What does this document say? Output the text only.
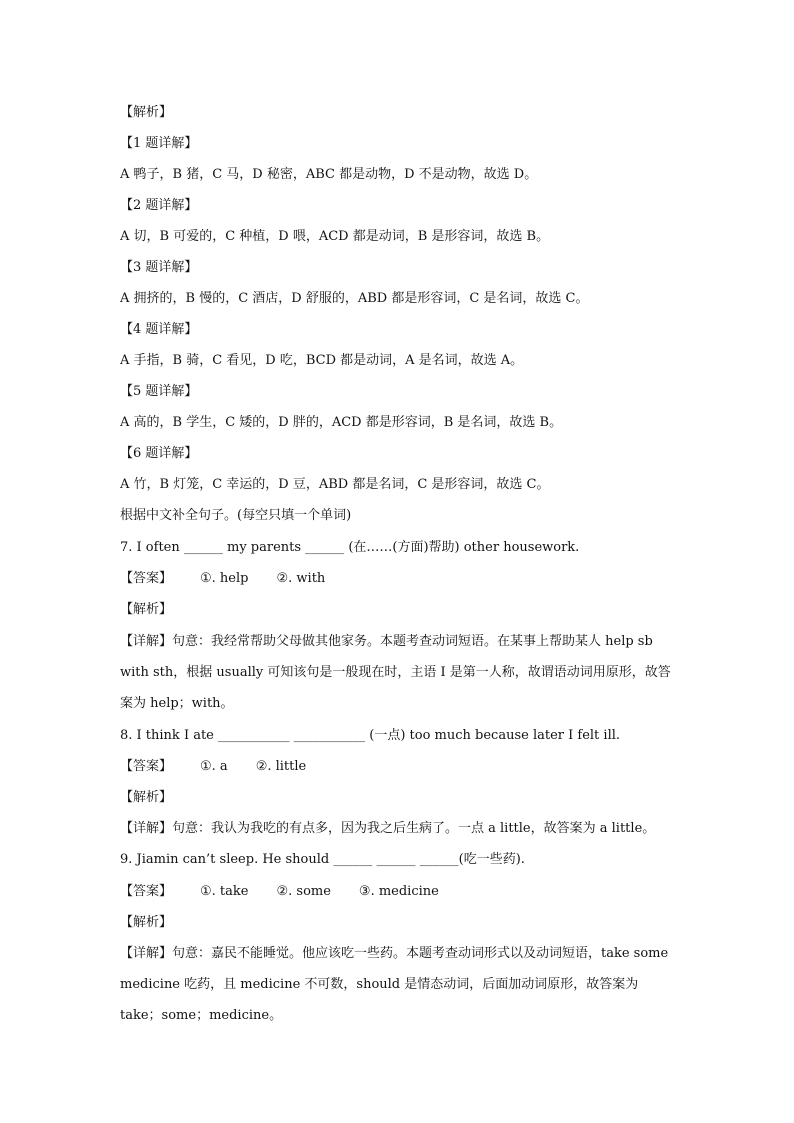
【解析】
【1 题详解】
A 鸭子，B 猪，C 马，D 秘密，ABC 都是动物，D 不是动物，故选 D。
【2 题详解】
A 切，B 可爱的，C 种植，D 喂，ACD 都是动词，B 是形容词，故选 B。
【3 题详解】
A 拥挤的，B 慢的，C 酒店，D 舒服的，ABD 都是形容词，C 是名词，故选 C。
【4 题详解】
A 手指，B 骑，C 看见，D 吃，BCD 都是动词，A 是名词，故选 A。
【5 题详解】
A 高的，B 学生，C 矮的，D 胖的，ACD 都是形容词，B 是名词，故选 B。
【6 题详解】
A 竹，B 灯笼，C 幸运的，D 豆，ABD 都是名词，C 是形容词，故选 C。
根据中文补全句子。(每空只填一个单词)
7. I often ______ my parents ______ (在……(方面)帮助) other housework.
【答案】 ①. help ②. with
【解析】
【详解】句意：我经常帮助父母做其他家务。本题考查动词短语。在某事上帮助某人 help sb with sth，根据 usually 可知该句是一般现在时，主语 I 是第一人称，故谓语动词用原形，故答案为 help；with。
8. I think I ate ___________ ___________ (一点) too much because later I felt ill.
【答案】 ①. a ②. little
【解析】
【详解】句意：我认为我吃的有点多，因为我之后生病了。一点 a little，故答案为 a little。
9. Jiamin can’t sleep. He should ______ ______ ______(吃一些药).
【答案】 ①. take ②. some ③. medicine
【解析】
【详解】句意：嘉民不能睡觉。他应该吃一些药。本题考查动词形式以及动词短语，take some medicine 吃药，且 medicine 不可数，should 是情态动词，后面加动词原形，故答案为 take；some；medicine。
